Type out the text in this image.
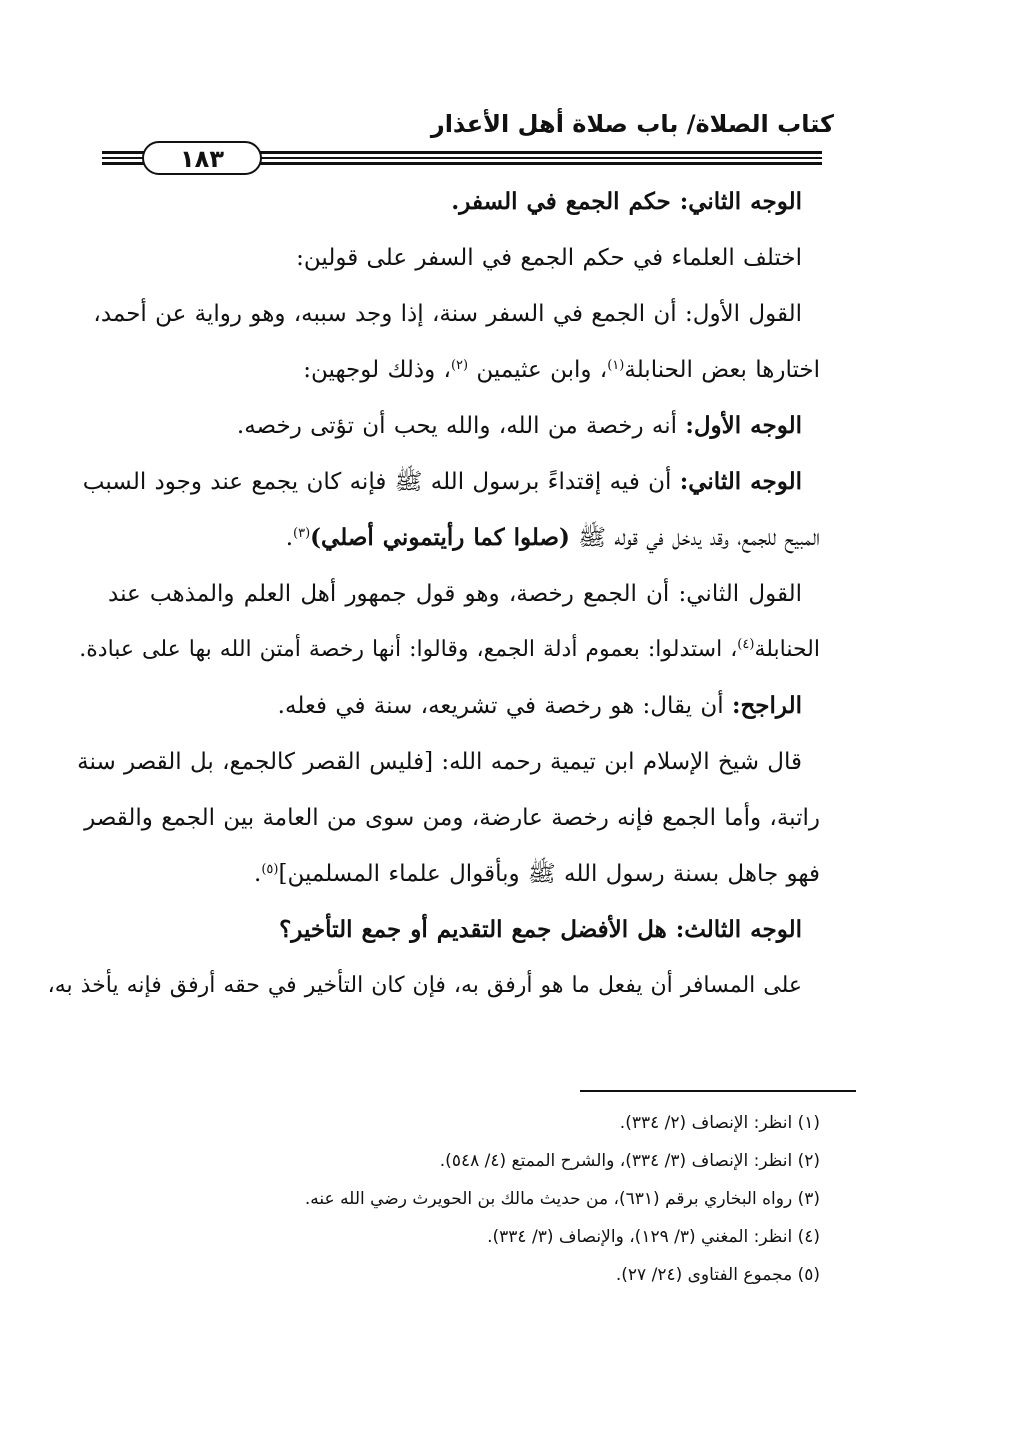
كتاب الصلاة/ باب صلاة أهل الأعذار
١٨٣
الوجه الثاني: حكم الجمع في السفر.
اختلف العلماء في حكم الجمع في السفر على قولين:
القول الأول: أن الجمع في السفر سنة، إذا وجد سببه، وهو رواية عن أحمد،
اختارها بعض الحنابلة$^{(١)}$، وابن عثيمين $^{(٢)}$، وذلك لوجهين:
الوجه الأول: أنه رخصة من الله، والله يحب أن تؤتى رخصه.
الوجه الثاني: أن فيه إقتداءً برسول الله ﷺ فإنه كان يجمع عند وجود السبب
المبيح للجمع، وقد يدخل في قوله ﷺ (صلوا كما رأيتموني أصلي)$^{(٣)}$.
القول الثاني: أن الجمع رخصة، وهو قول جمهور أهل العلم والمذهب عند
الحنابلة$^{(٤)}$، استدلوا: بعموم أدلة الجمع، وقالوا: أنها رخصة أمتن الله بها على عبادة.
الراجح: أن يقال: هو رخصة في تشريعه، سنة في فعله.
قال شيخ الإسلام ابن تيمية رحمه الله: [فليس القصر كالجمع، بل القصر سنة
راتبة، وأما الجمع فإنه رخصة عارضة، ومن سوى من العامة بين الجمع والقصر
فهو جاهل بسنة رسول الله ﷺ وبأقوال علماء المسلمين]$^{(٥)}$.
الوجه الثالث: هل الأفضل جمع التقديم أو جمع التأخير؟
على المسافر أن يفعل ما هو أرفق به، فإن كان التأخير في حقه أرفق فإنه يأخذ به،
(١) انظر: الإنصاف (٢/ ٣٣٤).
(٢) انظر: الإنصاف (٣/ ٣٣٤)، والشرح الممتع (٤/ ٥٤٨).
(٣) رواه البخاري برقم (٦٣١)، من حديث مالك بن الحويرث رضي الله عنه.
(٤) انظر: المغني (٣/ ١٢٩)، والإنصاف (٣/ ٣٣٤).
(٥) مجموع الفتاوى (٢٤/ ٢٧).
